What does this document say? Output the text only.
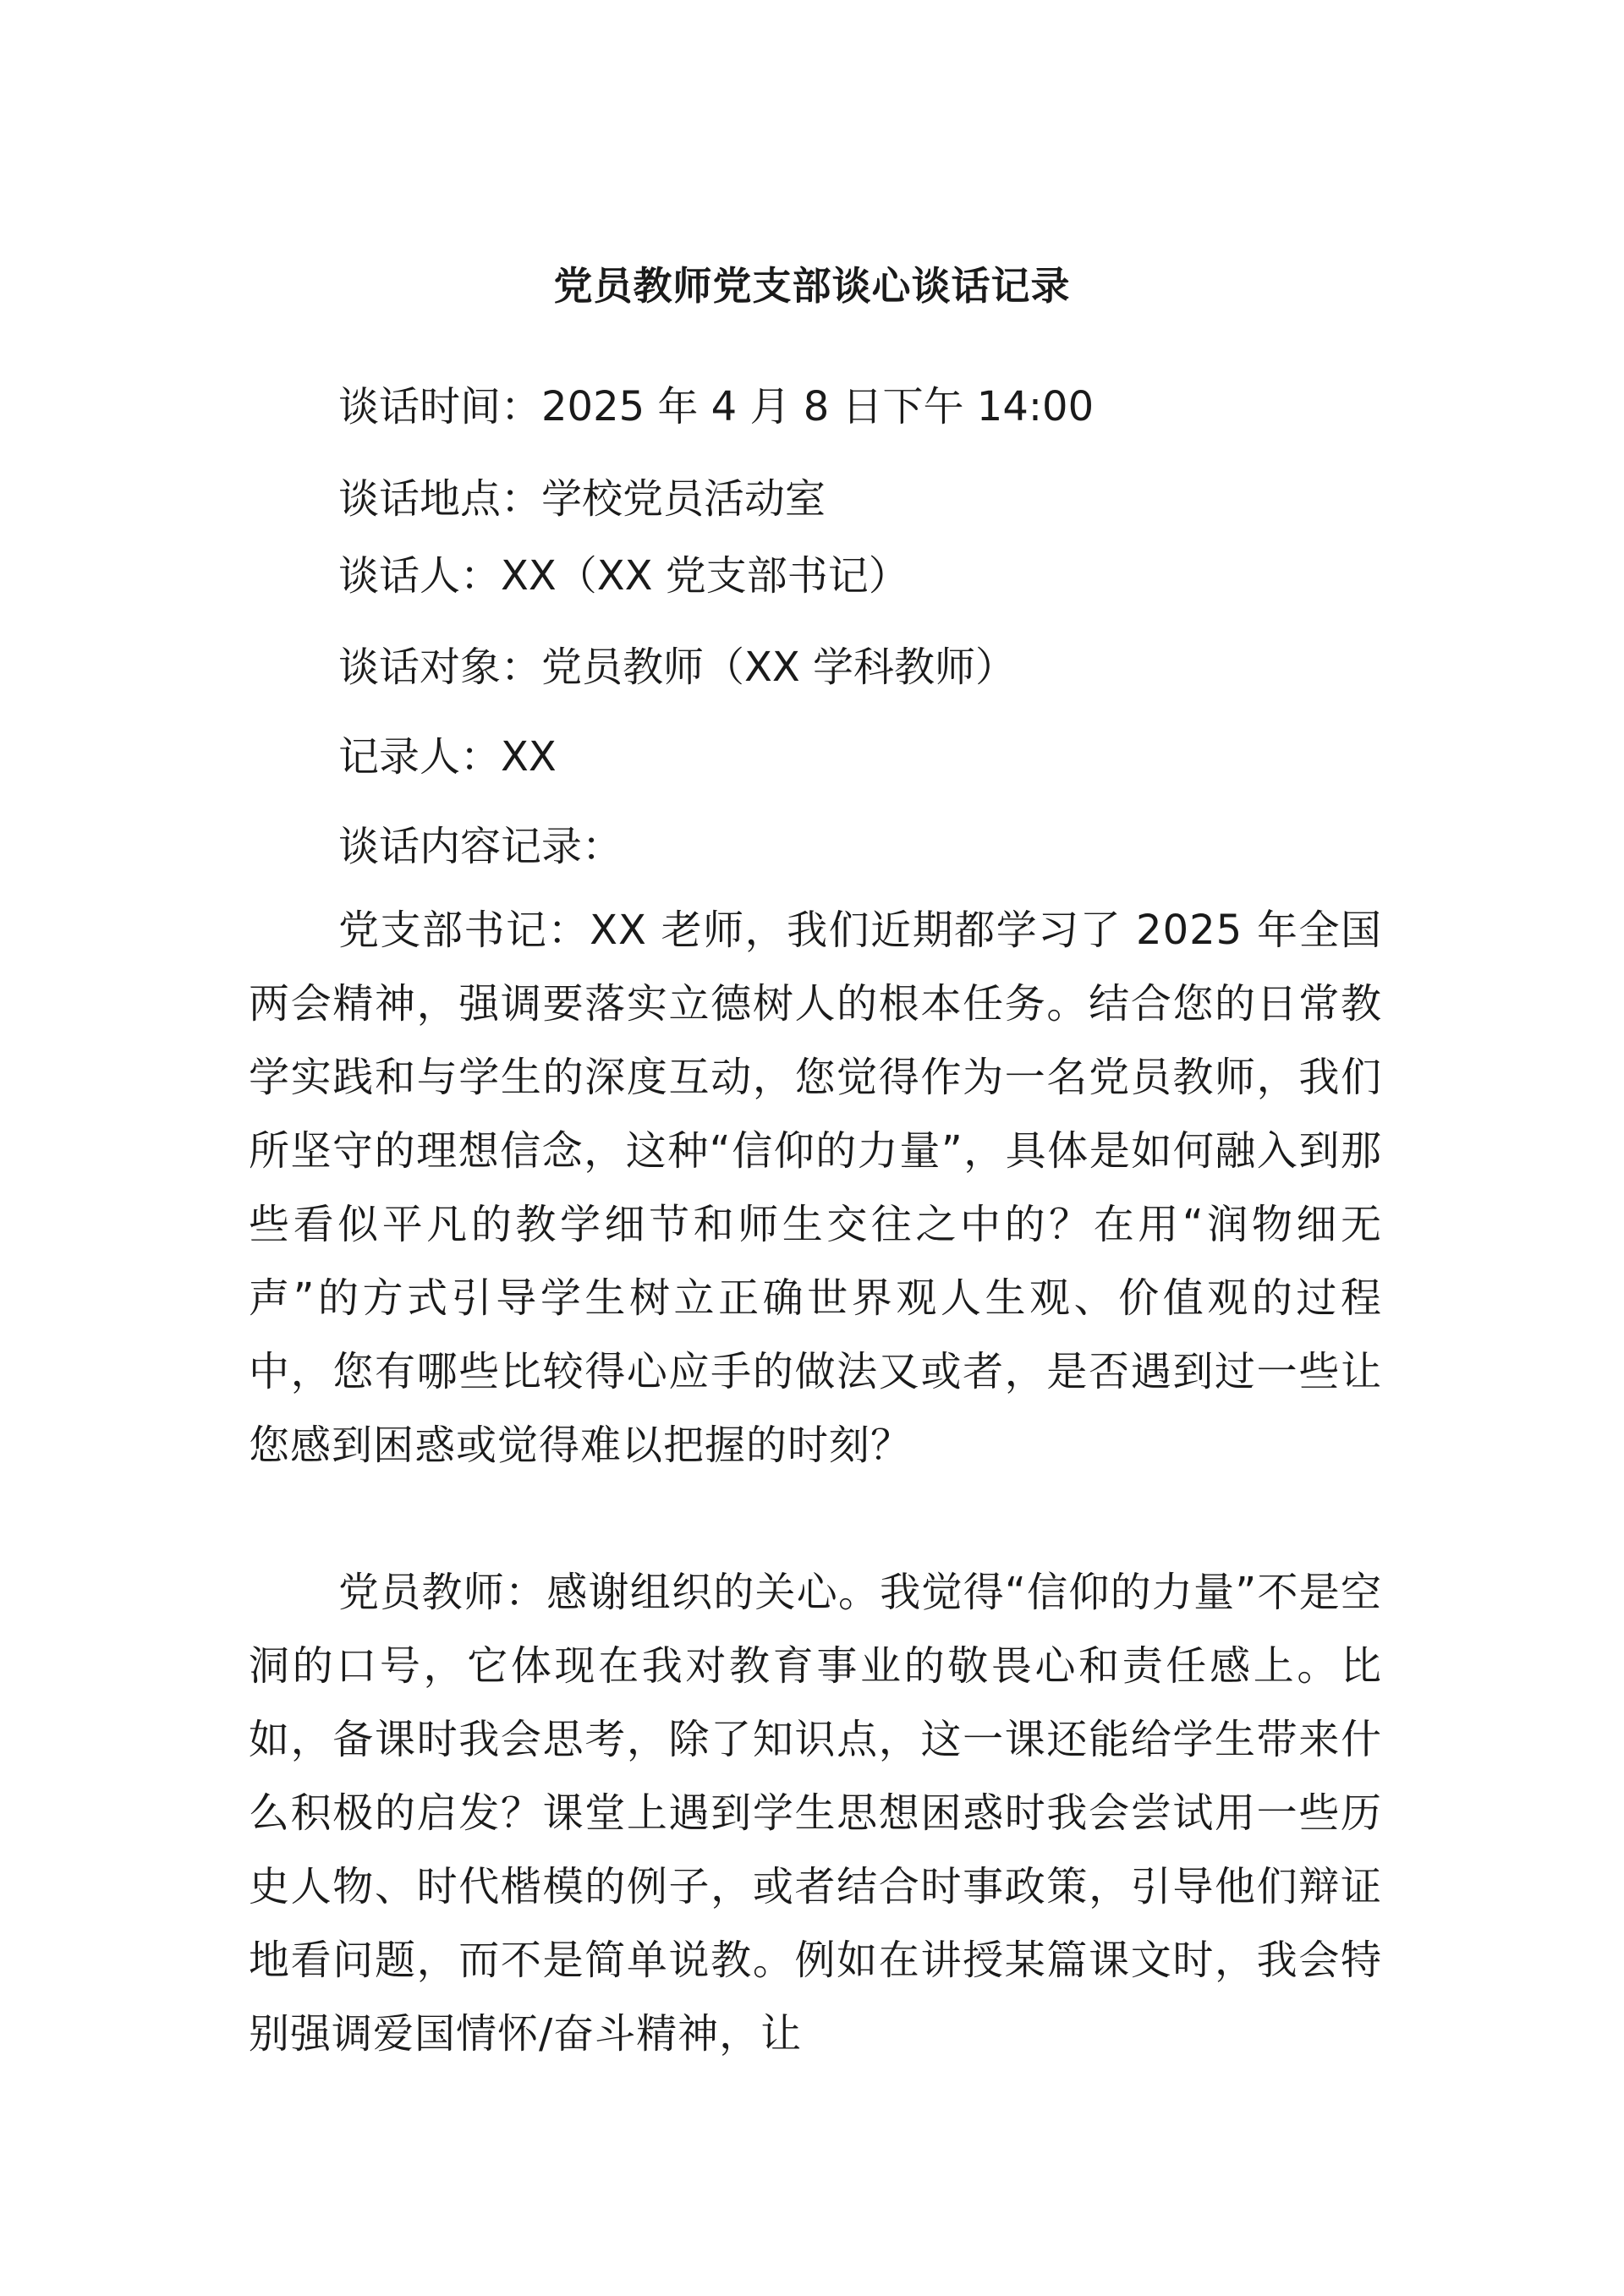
党员教师党支部谈心谈话记录

谈话时间：2025 年 4 月 8 日下午 14:00

谈话地点：学校党员活动室

谈话人：XX（XX 党支部书记）

谈话对象：党员教师（XX 学科教师）

记录人：XX

谈话内容记录：

党支部书记：XX 老师，我们近期都学习了 2025 年全国两会精神，强调要落实立德树人的根本任务。结合您的日常教学实践和与学生的深度互动，您觉得作为一名党员教师，我们所坚守的理想信念，这种“信仰的力量”，具体是如何融入到那些看似平凡的教学细节和师生交往之中的？在用“润物细无声”的方式引导学生树立正确世界观人生观、价值观的过程中，您有哪些比较得心应手的做法又或者，是否遇到过一些让您感到困惑或觉得难以把握的时刻？

党员教师：感谢组织的关心。我觉得“信仰的力量”不是空洞的口号，它体现在我对教育事业的敬畏心和责任感上。比如，备课时我会思考，除了知识点，这一课还能给学生带来什么积极的启发？课堂上遇到学生思想困惑时我会尝试用一些历史人物、时代楷模的例子，或者结合时事政策，引导他们辩证地看问题，而不是简单说教。例如在讲授某篇课文时，我会特别强调爱国情怀/奋斗精神，让
